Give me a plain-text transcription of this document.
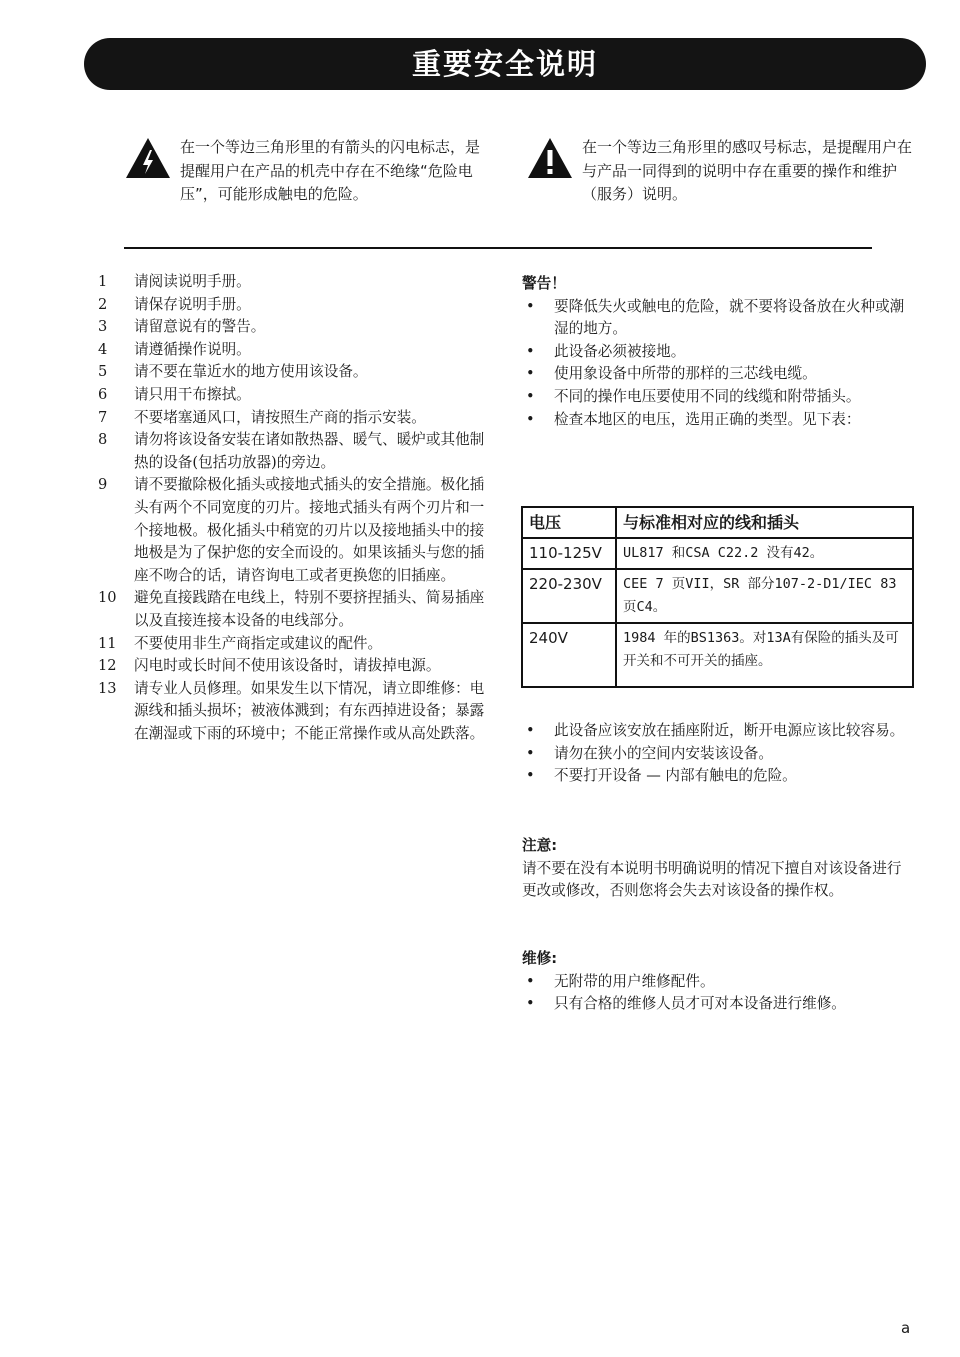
重要安全说明
在一个等边三角形里的有箭头的闪电标志，是提醒用户在产品的机壳中存在不绝缘“危险电压”，可能形成触电的危险。
在一个等边三角形里的感叹号标志，是提醒用户在与产品一同得到的说明中存在重要的操作和维护（服务）说明。
1 请阅读说明手册。
2 请保存说明手册。
3 请留意说有的警告。
4 请遵循操作说明。
5 请不要在靠近水的地方使用该设备。
6 请只用干布擦拭。
7 不要堵塞通风口，请按照生产商的指示安装。
8 请勿将该设备安装在诸如散热器、暖气、暖炉或其他制热的设备(包括功放器)的旁边。
9 请不要撤除极化插头或接地式插头的安全措施。极化插头有两个不同宽度的刃片。接地式插头有两个刃片和一个接地极。极化插头中稍宽的刃片以及接地插头中的接地极是为了保护您的安全而设的。如果该插头与您的插座不吻合的话，请咨询电工或者更换您的旧插座。
10 避免直接践踏在电线上，特别不要挤捏插头、简易插座以及直接连接本设备的电线部分。
11 不要使用非生产商指定或建议的配件。
12 闪电时或长时间不使用该设备时，请拔掉电源。
13 请专业人员修理。如果发生以下情况，请立即维修：电源线和插头损坏；被液体溅到；有东西掉进设备；暴露在潮湿或下雨的环境中；不能正常操作或从高处跌落。
警告！
• 要降低失火或触电的危险，就不要将设备放在火种或潮湿的地方。
• 此设备必须被接地。
• 使用象设备中所带的那样的三芯线电缆。
• 不同的操作电压要使用不同的线缆和附带插头。
• 检查本地区的电压，选用正确的类型。见下表：
电压	与标准相对应的线和插头
110-125V	UL817 和CSA C22.2 没有42。
220-230V	CEE 7 页VII，SR 部分107-2-D1/IEC 83 页C4。
240V	1984 年的BS1363。对13A有保险的插头及可开关和不可开关的插座。
• 此设备应该安放在插座附近，断开电源应该比较容易。
• 请勿在狭小的空间内安装该设备。
• 不要打开设备 — 内部有触电的危险。
注意:
请不要在没有本说明书明确说明的情况下擅自对该设备进行更改或修改，否则您将会失去对该设备的操作权。
维修:
• 无附带的用户维修配件。
• 只有合格的维修人员才可对本设备进行维修。
a
